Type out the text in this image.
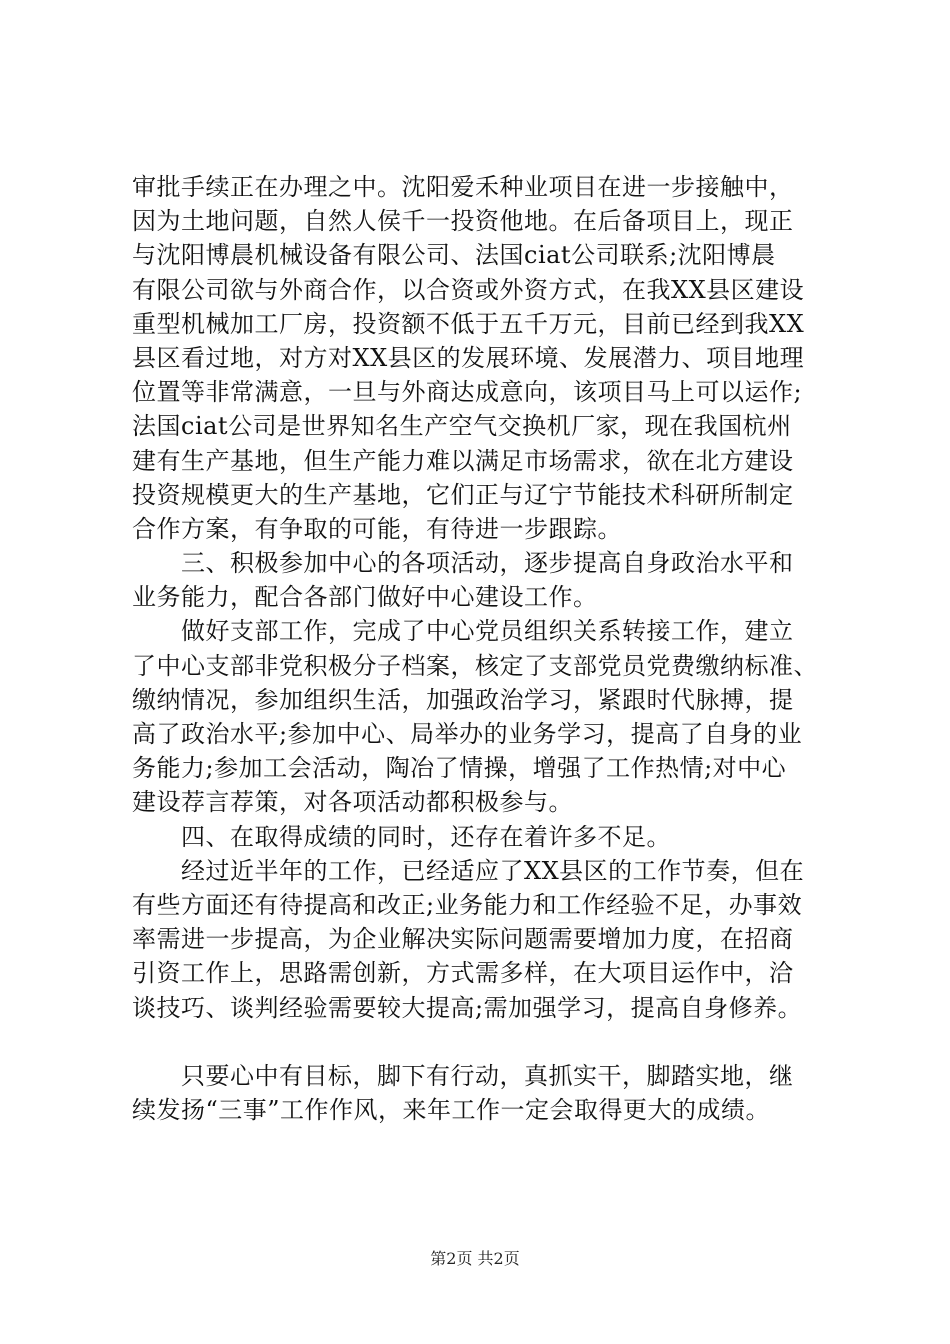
审批手续正在办理之中。沈阳爱禾种业项目在进一步接触中，
因为土地问题，自然人侯千一投资他地。在后备项目上，现正
与沈阳博晨机械设备有限公司、法国ciat公司联系;沈阳博晨
有限公司欲与外商合作，以合资或外资方式，在我XX县区建设
重型机械加工厂房，投资额不低于五千万元，目前已经到我XX
县区看过地，对方对XX县区的发展环境、发展潜力、项目地理
位置等非常满意，一旦与外商达成意向，该项目马上可以运作;
法国ciat公司是世界知名生产空气交换机厂家，现在我国杭州
建有生产基地，但生产能力难以满足市场需求，欲在北方建设
投资规模更大的生产基地，它们正与辽宁节能技术科研所制定
合作方案，有争取的可能，有待进一步跟踪。
　　三、积极参加中心的各项活动，逐步提高自身政治水平和
业务能力，配合各部门做好中心建设工作。
　　做好支部工作，完成了中心党员组织关系转接工作，建立
了中心支部非党积极分子档案，核定了支部党员党费缴纳标准、
缴纳情况，参加组织生活，加强政治学习，紧跟时代脉搏，提
高了政治水平;参加中心、局举办的业务学习，提高了自身的业
务能力;参加工会活动，陶冶了情操，增强了工作热情;对中心
建设荐言荐策，对各项活动都积极参与。
　　四、在取得成绩的同时，还存在着许多不足。
　　经过近半年的工作，已经适应了XX县区的工作节奏，但在
有些方面还有待提高和改正;业务能力和工作经验不足，办事效
率需进一步提高，为企业解决实际问题需要增加力度，在招商
引资工作上，思路需创新，方式需多样，在大项目运作中，洽
谈技巧、谈判经验需要较大提高;需加强学习，提高自身修养。
　　只要心中有目标，脚下有行动，真抓实干，脚踏实地，继
续发扬“三事”工作作风，来年工作一定会取得更大的成绩。
第2页 共2页
